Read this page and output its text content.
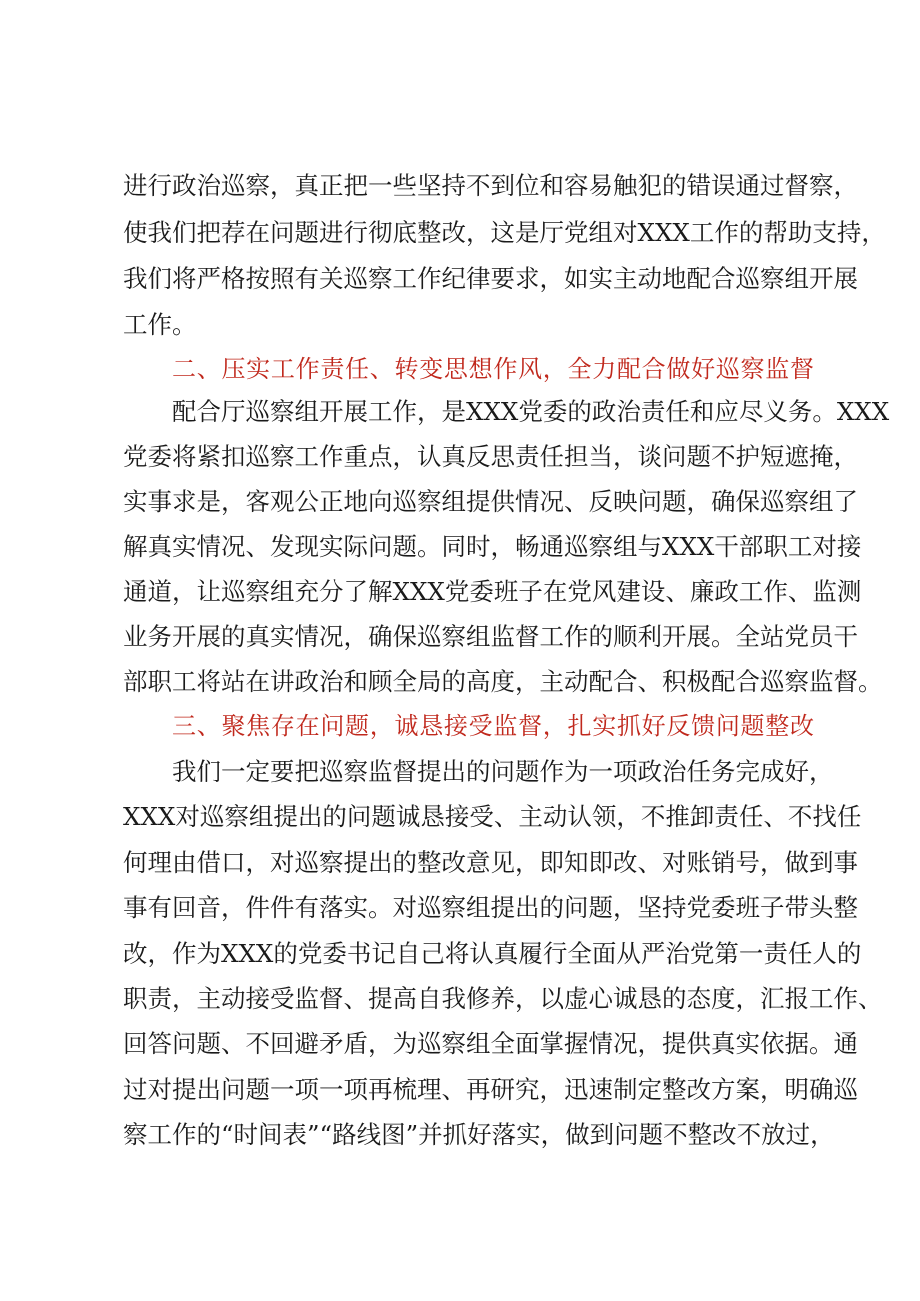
进行政治巡察，真正把一些坚持不到位和容易触犯的错误通过督察，
使我们把荐在问题进行彻底整改，这是厅党组对XXX工作的帮助支持，
我们将严格按照有关巡察工作纪律要求，如实主动地配合巡察组开展
工作。
二、压实工作责任、转变思想作风，全力配合做好巡察监督
配合厅巡察组开展工作，是XXX党委的政治责任和应尽义务。XXX
党委将紧扣巡察工作重点，认真反思责任担当，谈问题不护短遮掩，
实事求是，客观公正地向巡察组提供情况、反映问题，确保巡察组了
解真实情况、发现实际问题。同时，畅通巡察组与XXX干部职工对接
通道，让巡察组充分了解XXX党委班子在党风建设、廉政工作、监测
业务开展的真实情况，确保巡察组监督工作的顺利开展。全站党员干
部职工将站在讲政治和顾全局的高度，主动配合、积极配合巡察监督。
三、聚焦存在问题，诚恳接受监督，扎实抓好反馈问题整改
我们一定要把巡察监督提出的问题作为一项政治任务完成好，
XXX对巡察组提出的问题诚恳接受、主动认领，不推卸责任、不找任
何理由借口，对巡察提出的整改意见，即知即改、对账销号，做到事
事有回音，件件有落实。对巡察组提出的问题，坚持党委班子带头整
改，作为XXX的党委书记自己将认真履行全面从严治党第一责任人的
职责，主动接受监督、提高自我修养，以虚心诚恳的态度，汇报工作、
回答问题、不回避矛盾，为巡察组全面掌握情况，提供真实依据。通
过对提出问题一项一项再梳理、再研究，迅速制定整改方案，明确巡
察工作的“时间表”“路线图”并抓好落实，做到问题不整改不放过，
